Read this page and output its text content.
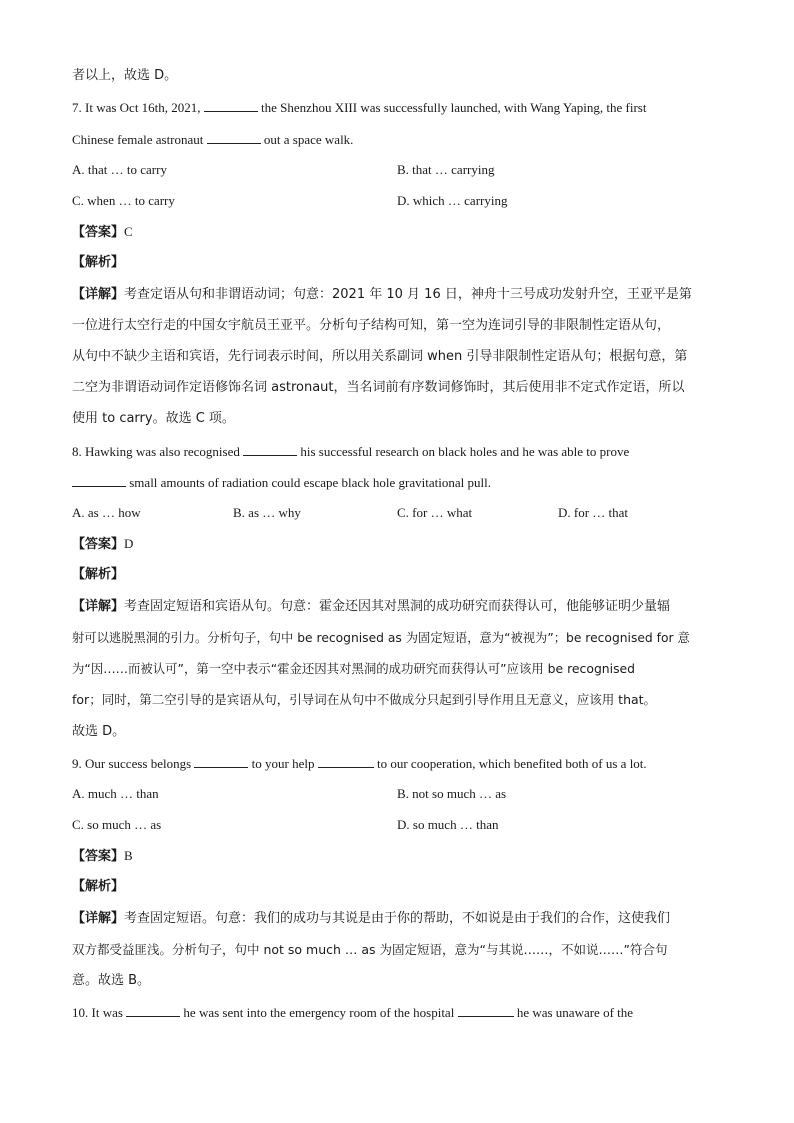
者以上，故选 D。
7. It was Oct 16th, 2021,	the Shenzhou XIII was successfully launched, with Wang Yaping, the first
Chinese female astronaut	out a space walk.
A. that … to carry	B. that … carrying
C. when … to carry	D. which … carrying
【答案】C
【解析】
【详解】考查定语从句和非谓语动词；句意：2021 年 10 月 16 日，神舟十三号成功发射升空，王亚平是第
一位进行太空行走的中国女宇航员王亚平。分析句子结构可知，第一空为连词引导的非限制性定语从句，
从句中不缺少主语和宾语，先行词表示时间，所以用关系副词 when 引导非限制性定语从句；根据句意，第
二空为非谓语动词作定语修饰名词 astronaut，当名词前有序数词修饰时，其后使用非不定式作定语，所以
使用 to carry。故选 C 项。
8. Hawking was also recognised	his successful research on black holes and he was able to prove
small amounts of radiation could escape black hole gravitational pull.
A. as … how	B. as … why	C. for … what	D. for … that
【答案】D
【解析】
【详解】考查固定短语和宾语从句。句意：霍金还因其对黑洞的成功研究而获得认可，他能够证明少量辐
射可以逃脱黑洞的引力。分析句子，句中 be recognised as 为固定短语，意为“被视为”；be recognised for 意
为“因……而被认可”，第一空中表示“霍金还因其对黑洞的成功研究而获得认可”应该用 be recognised
for；同时，第二空引导的是宾语从句，引导词在从句中不做成分只起到引导作用且无意义，应该用 that。
故选 D。
9. Our success belongs	to your help	to our cooperation, which benefited both of us a lot.
A. much … than	B. not so much … as
C. so much … as	D. so much … than
【答案】B
【解析】
【详解】考查固定短语。句意：我们的成功与其说是由于你的帮助，不如说是由于我们的合作，这使我们
双方都受益匪浅。分析句子，句中 not so much … as 为固定短语，意为“与其说……，不如说……”符合句
意。故选 B。
10. It was	he was sent into the emergency room of the hospital	he was unaware of the
